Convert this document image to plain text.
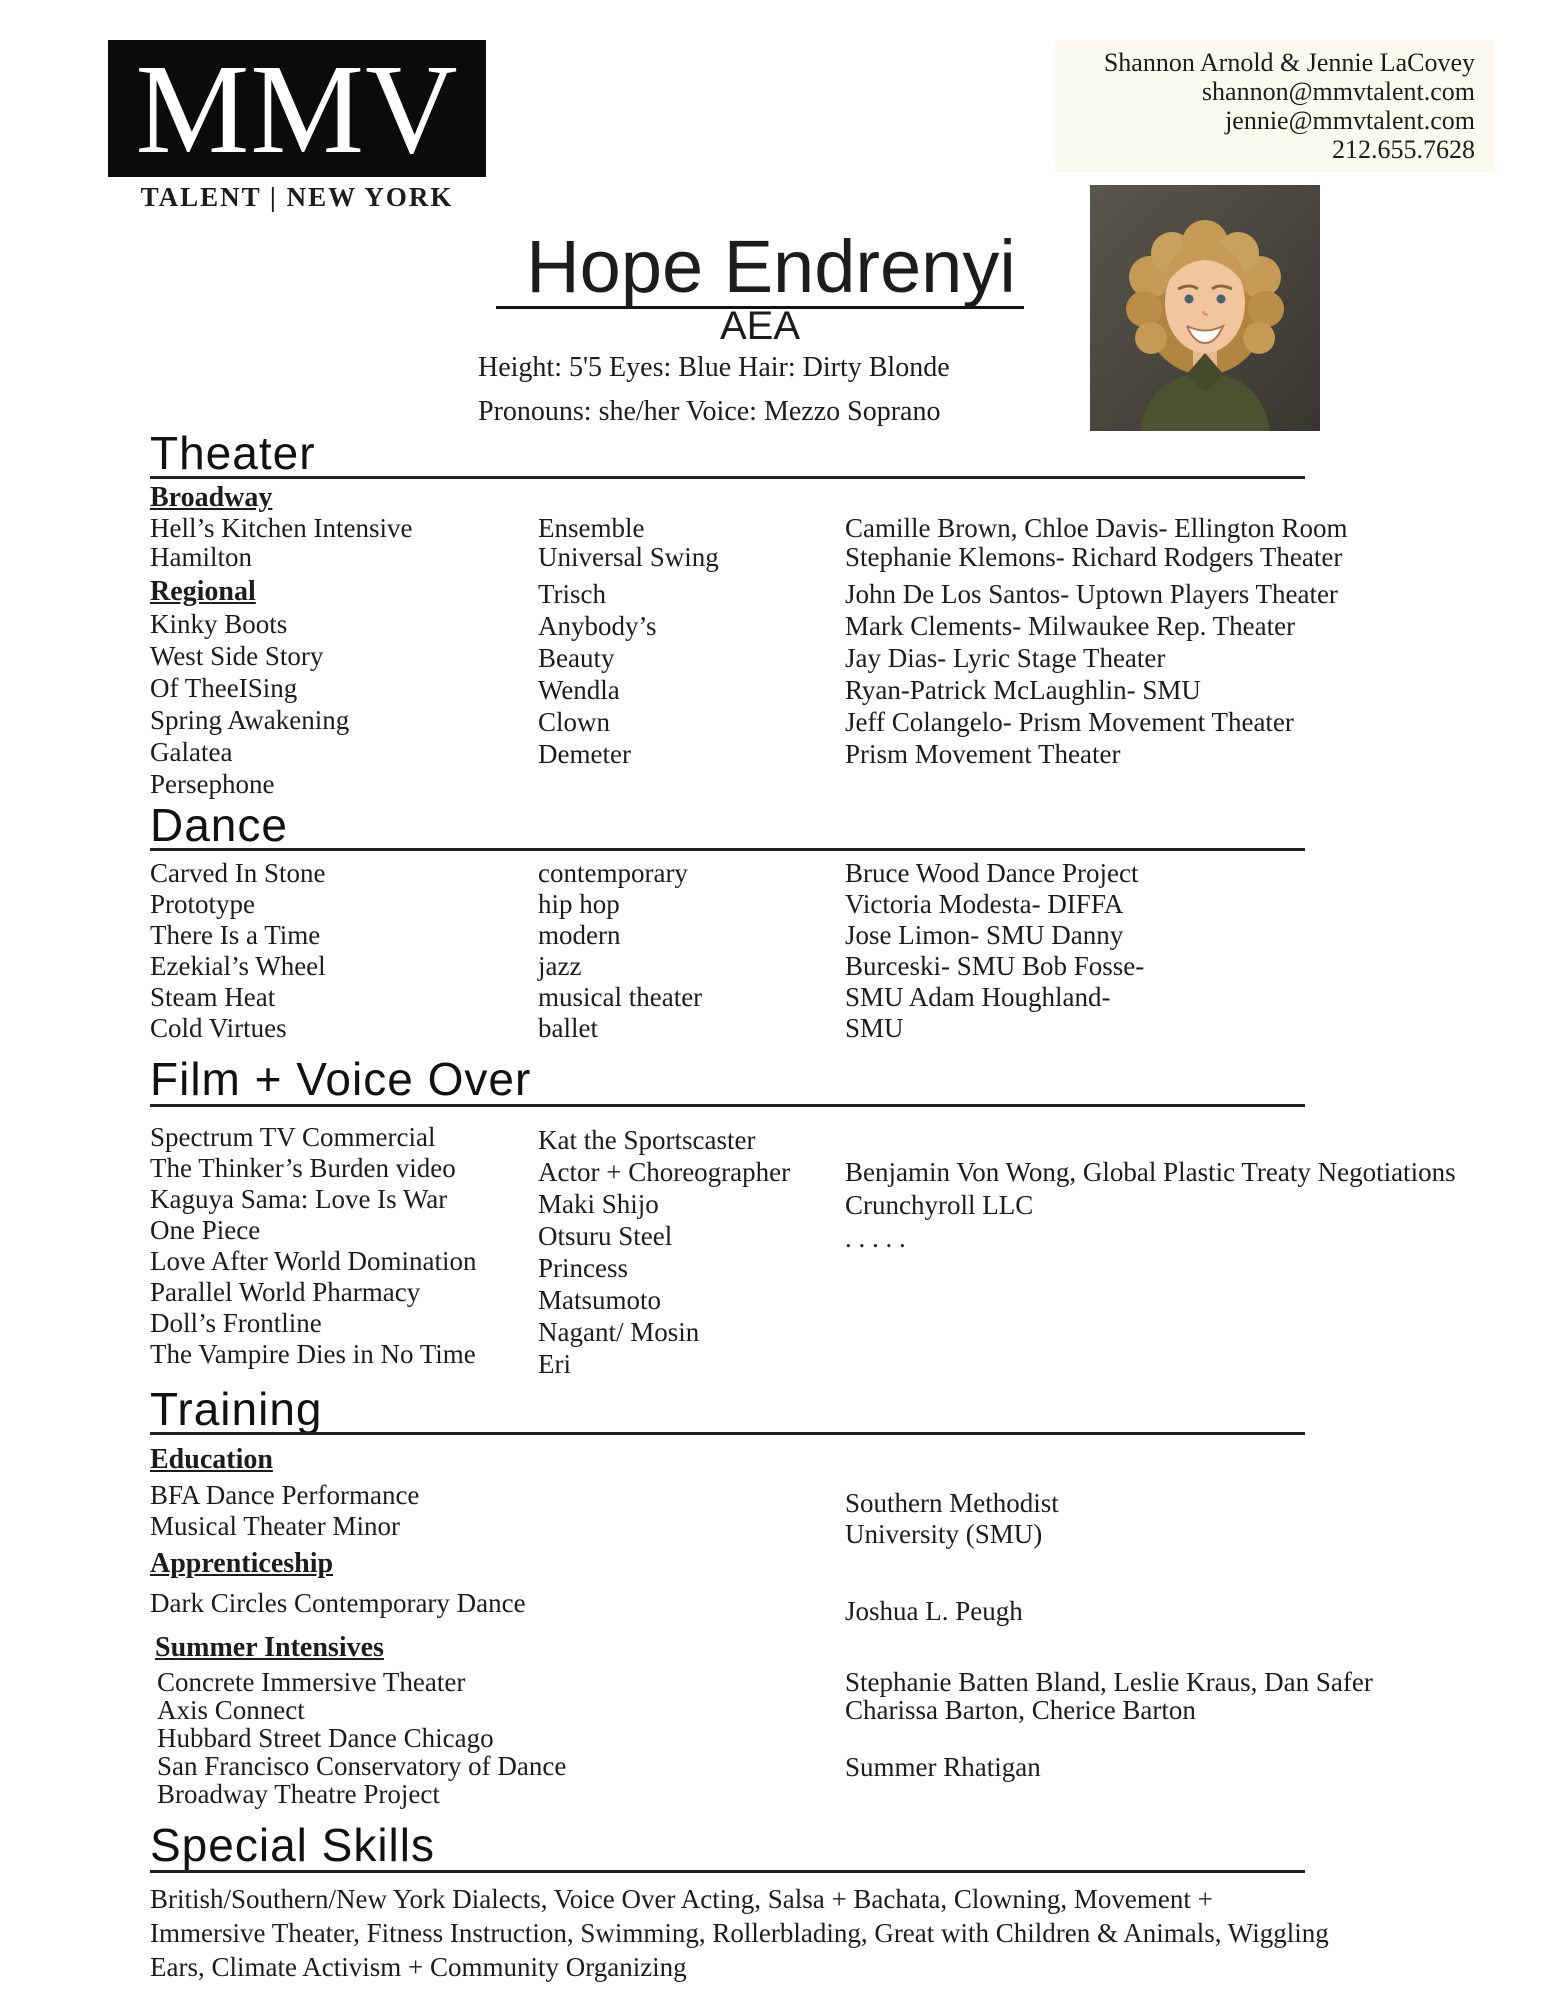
MMV
TALENT | NEW YORK
Shannon Arnold & Jennie LaCovey
shannon@mmvtalent.com
jennie@mmvtalent.com
212.655.7628
Hope Endrenyi
AEA
Height: 5'5 Eyes: Blue Hair: Dirty Blonde
Pronouns: she/her Voice: Mezzo Soprano
Theater
Broadway
Hell’s Kitchen Intensive
Hamilton
Ensemble
Universal Swing
Camille Brown, Chloe Davis- Ellington Room
Stephanie Klemons- Richard Rodgers Theater
Regional
Kinky Boots
West Side Story
Of TheeISing
Spring Awakening
Galatea
Persephone
Trisch
Anybody’s
Beauty
Wendla
Clown
Demeter
John De Los Santos- Uptown Players Theater
Mark Clements- Milwaukee Rep. Theater
Jay Dias- Lyric Stage Theater
Ryan-Patrick McLaughlin- SMU
Jeff Colangelo- Prism Movement Theater
Prism Movement Theater
Dance
Carved In Stone
Prototype
There Is a Time
Ezekial’s Wheel
Steam Heat
Cold Virtues
contemporary
hip hop
modern
jazz
musical theater
ballet
Bruce Wood Dance Project
Victoria Modesta- DIFFA
Jose Limon- SMU Danny
Burceski- SMU Bob Fosse-
SMU Adam Houghland-
SMU
Film + Voice Over
Spectrum TV Commercial
The Thinker’s Burden video
Kaguya Sama: Love Is War
One Piece
Love After World Domination
Parallel World Pharmacy
Doll’s Frontline
The Vampire Dies in No Time
Kat the Sportscaster
Actor + Choreographer
Maki Shijo
Otsuru Steel
Princess
Matsumoto
Nagant/ Mosin
Eri
Benjamin Von Wong, Global Plastic Treaty Negotiations
Crunchyroll LLC
. . . . .
Training
Education
BFA Dance Performance
Musical Theater Minor
Southern Methodist
University (SMU)
Apprenticeship
Dark Circles Contemporary Dance	Joshua L. Peugh
Summer Intensives
Concrete Immersive Theater
Axis Connect
Hubbard Street Dance Chicago
San Francisco Conservatory of Dance
Broadway Theatre Project
Stephanie Batten Bland, Leslie Kraus, Dan Safer
Charissa Barton, Cherice Barton
Summer Rhatigan
Special Skills
British/Southern/New York Dialects, Voice Over Acting, Salsa + Bachata, Clowning, Movement + Immersive Theater, Fitness Instruction, Swimming, Rollerblading, Great with Children & Animals, Wiggling Ears, Climate Activism + Community Organizing
